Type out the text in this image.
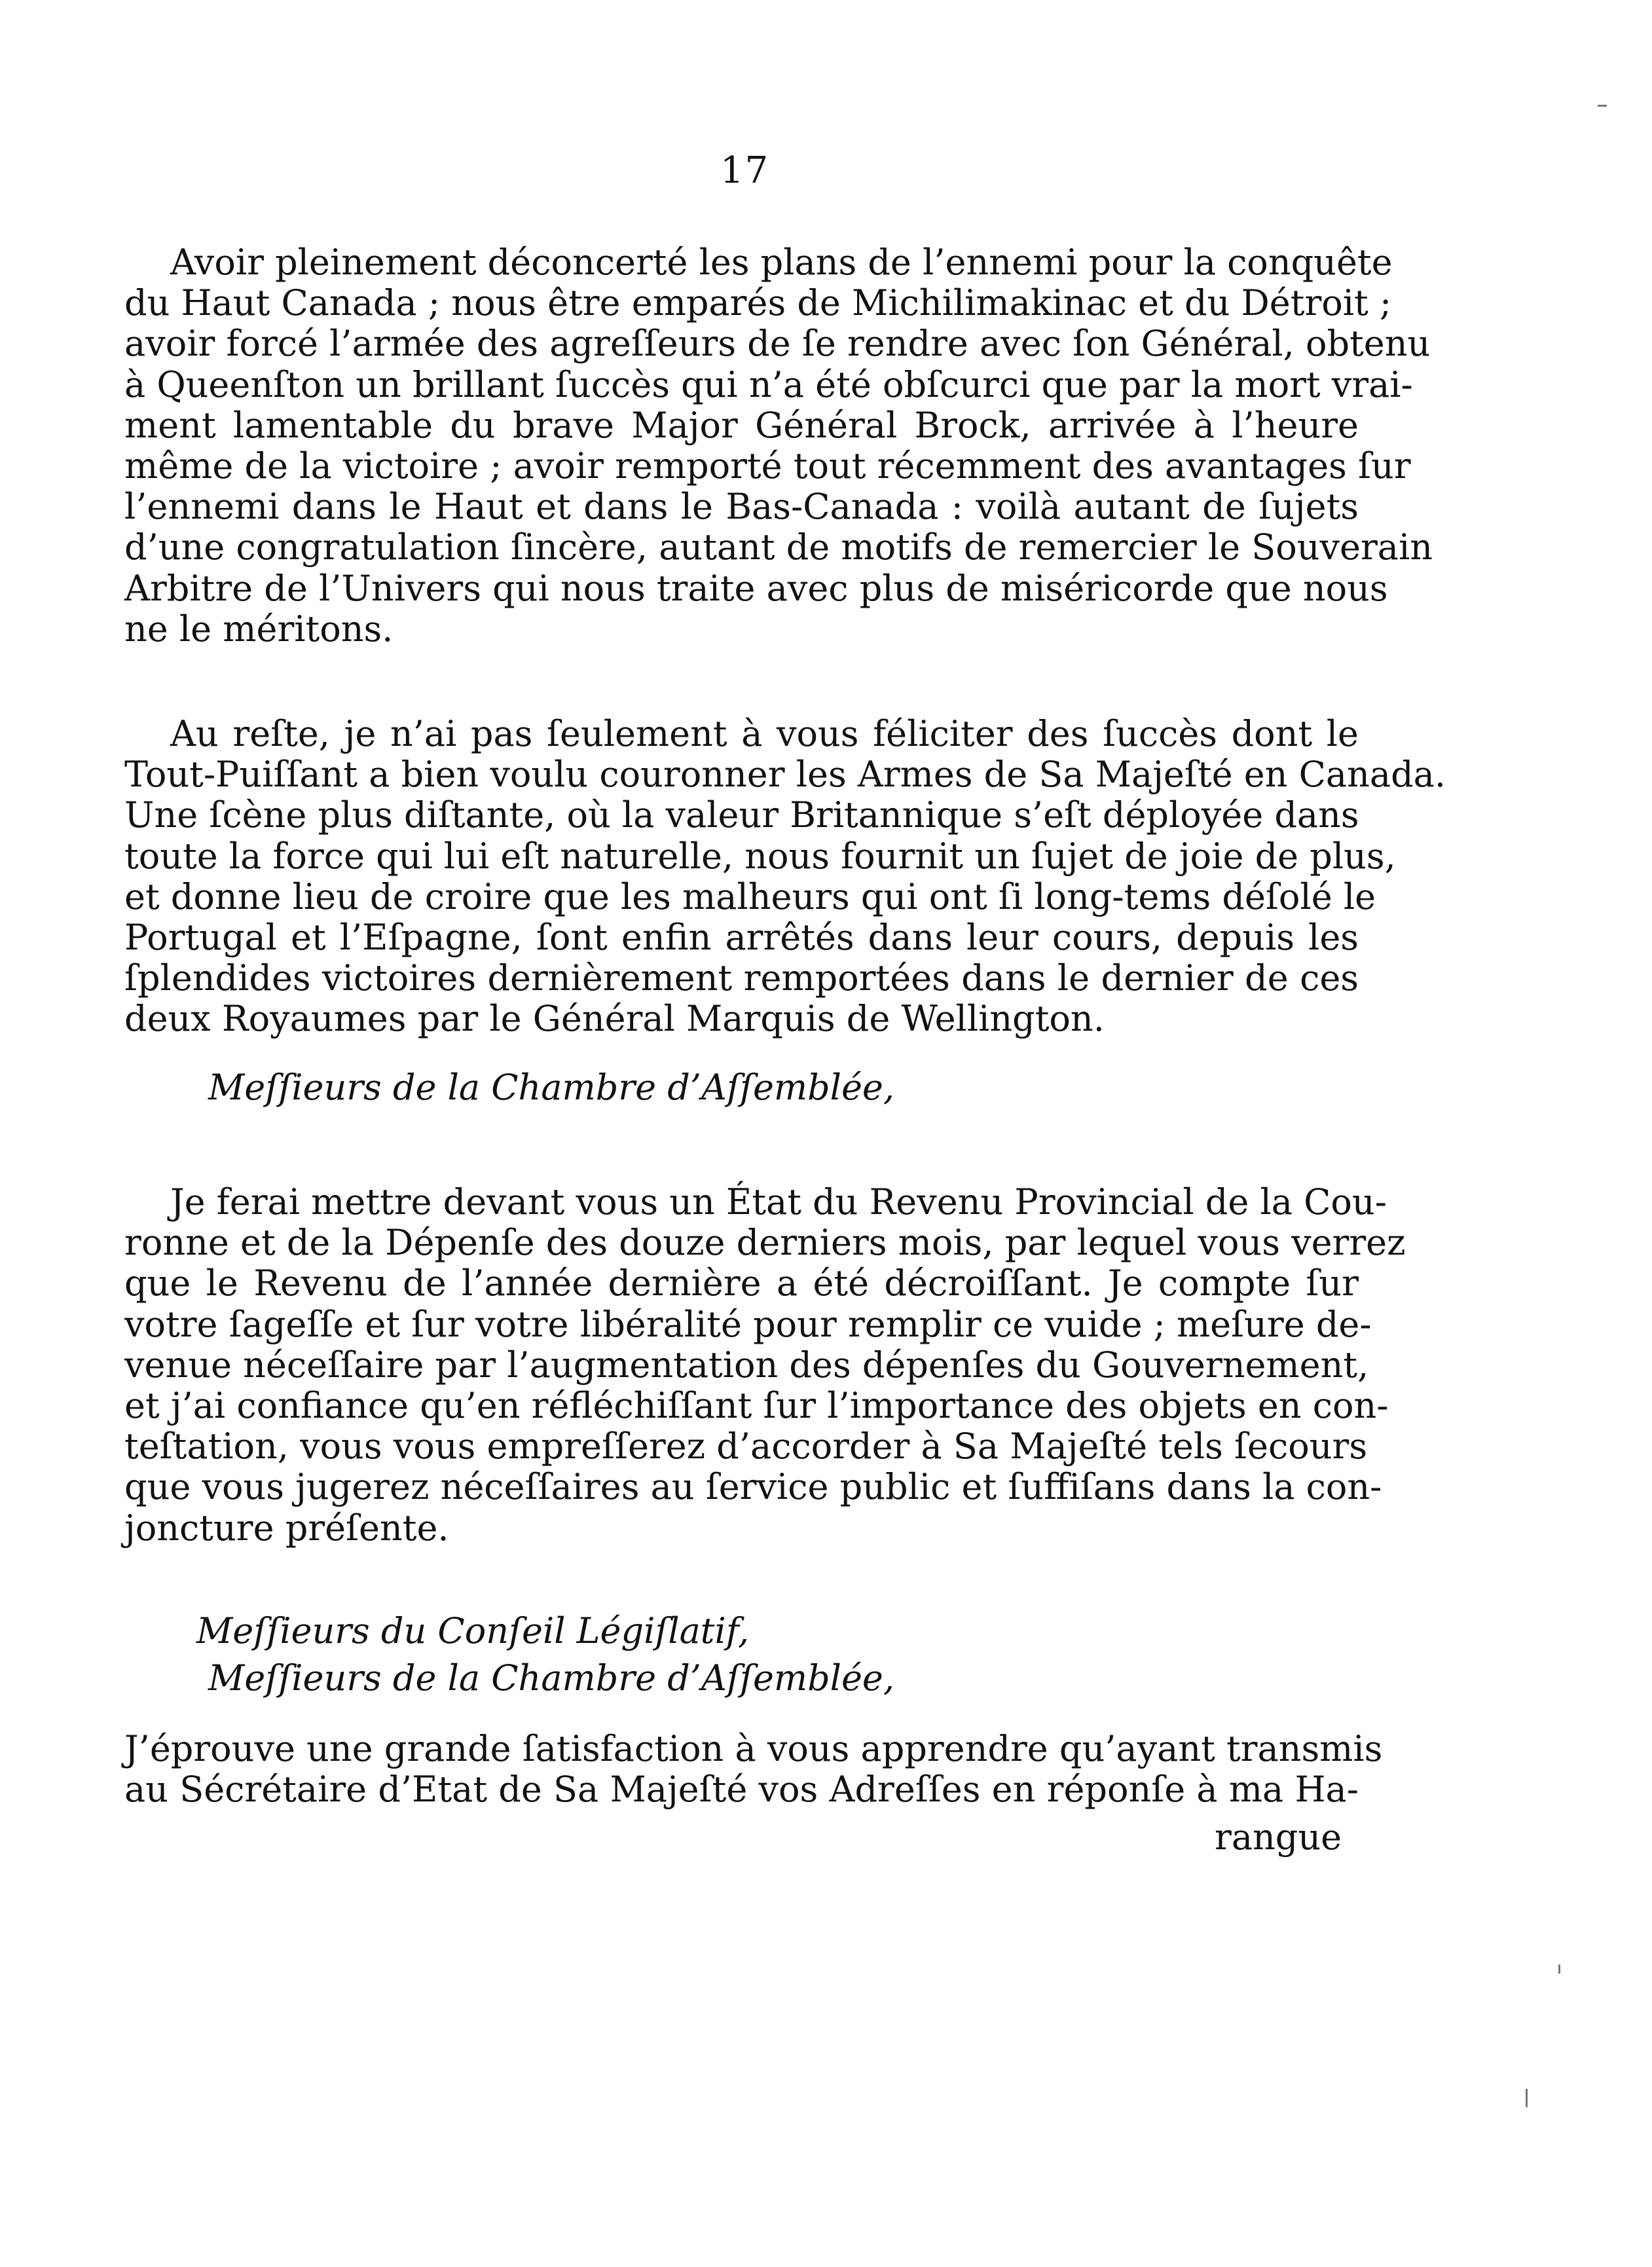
17
Avoir pleinement déconcerté les plans de l’ennemi pour la conquête
du Haut Canada ; nous être emparés de Michilimakinac et du Détroit ;
avoir forcé l’armée des agreſſeurs de ſe rendre avec ſon Général, obtenu
à Queenſton un brillant ſuccès qui n’a été obſcurci que par la mort vrai-
ment lamentable du brave Major Général Brock, arrivée à l’heure
même de la victoire ; avoir remporté tout récemment des avantages ſur
l’ennemi dans le Haut et dans le Bas-Canada : voilà autant de ſujets
d’une congratulation ſincère, autant de motifs de remercier le Souverain
Arbitre de l’Univers qui nous traite avec plus de miséricorde que nous
ne le méritons.
Au reſte, je n’ai pas ſeulement à vous féliciter des ſuccès dont le
Tout-Puiſſant a bien voulu couronner les Armes de Sa Majeſté en Canada.
Une ſcène plus diſtante, où la valeur Britannique s’eſt déployée dans
toute la force qui lui eſt naturelle, nous fournit un ſujet de joie de plus,
et donne lieu de croire que les malheurs qui ont ſi long-tems déſolé le
Portugal et l’Eſpagne, ſont enfin arrêtés dans leur cours, depuis les
ſplendides victoires dernièrement remportées dans le dernier de ces
deux Royaumes par le Général Marquis de Wellington.
Meſſieurs de la Chambre d’Aſſemblée,
Je ferai mettre devant vous un État du Revenu Provincial de la Cou-
ronne et de la Dépenſe des douze derniers mois, par lequel vous verrez
que le Revenu de l’année dernière a été décroiſſant. Je compte ſur
votre ſageſſe et ſur votre libéralité pour remplir ce vuide ; meſure de-
venue néceſſaire par l’augmentation des dépenſes du Gouvernement,
et j’ai confiance qu’en réfléchiſſant ſur l’importance des objets en con-
teſtation, vous vous empreſſerez d’accorder à Sa Majeſté tels ſecours
que vous jugerez néceſſaires au ſervice public et ſuffiſans dans la con-
joncture préſente.
Meſſieurs du Conſeil Légiſlatif,
Meſſieurs de la Chambre d’Aſſemblée,
J’éprouve une grande ſatisfaction à vous apprendre qu’ayant transmis
au Sécrétaire d’Etat de Sa Majeſté vos Adreſſes en réponſe à ma Ha-
rangue
